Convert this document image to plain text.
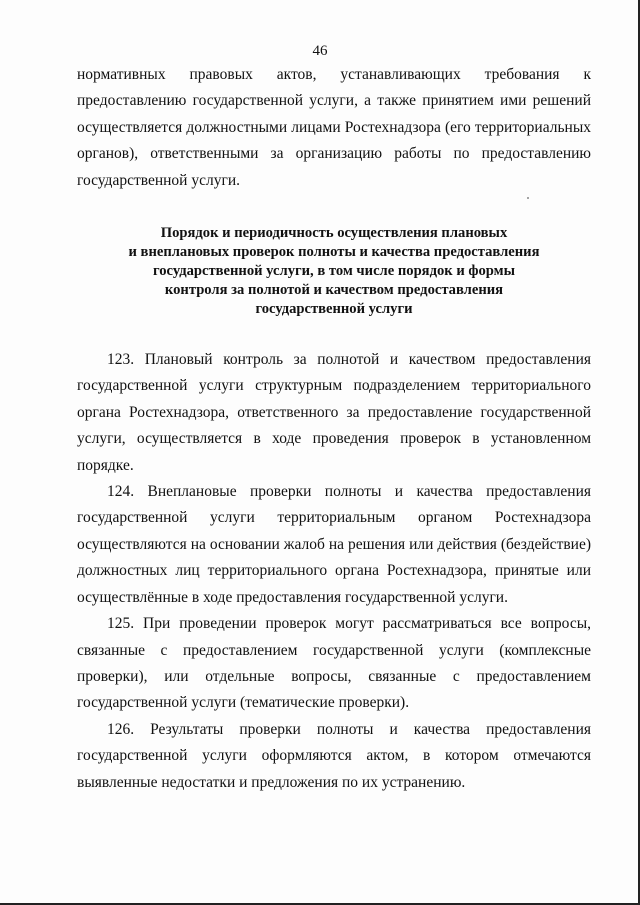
46

нормативных правовых актов, устанавливающих требования к предоставлению государственной услуги, а также принятием ими решений осуществляется должностными лицами Ростехнадзора (его территориальных органов), ответственными за организацию работы по предоставлению государственной услуги.

Порядок и периодичность осуществления плановых
и внеплановых проверок полноты и качества предоставления
государственной услуги, в том числе порядок и формы
контроля за полнотой и качеством предоставления
государственной услуги

123. Плановый контроль за полнотой и качеством предоставления государственной услуги структурным подразделением территориального органа Ростехнадзора, ответственного за предоставление государственной услуги, осуществляется в ходе проведения проверок в установленном порядке.

124. Внеплановые проверки полноты и качества предоставления государственной услуги территориальным органом Ростехнадзора осуществляются на основании жалоб на решения или действия (бездействие) должностных лиц территориального органа Ростехнадзора, принятые или осуществлённые в ходе предоставления государственной услуги.

125. При проведении проверок могут рассматриваться все вопросы, связанные с предоставлением государственной услуги (комплексные проверки), или отдельные вопросы, связанные с предоставлением государственной услуги (тематические проверки).

126. Результаты проверки полноты и качества предоставления государственной услуги оформляются актом, в котором отмечаются выявленные недостатки и предложения по их устранению.
